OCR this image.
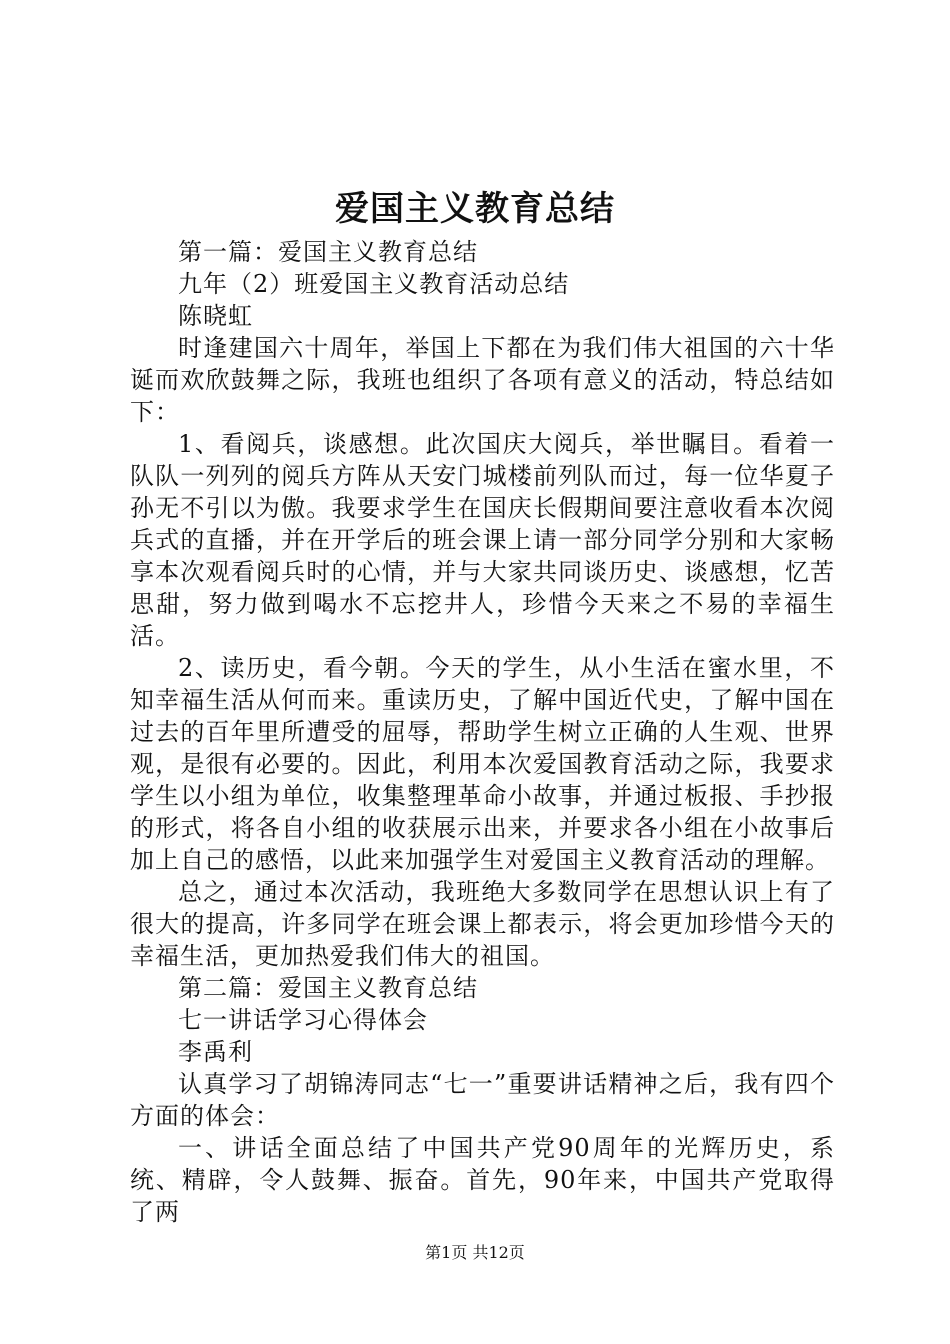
爱国主义教育总结

第一篇：爱国主义教育总结

九年（2）班爱国主义教育活动总结

陈晓虹

时逢建国六十周年，举国上下都在为我们伟大祖国的六十华诞而欢欣鼓舞之际，我班也组织了各项有意义的活动，特总结如下：

1、看阅兵，谈感想。此次国庆大阅兵，举世瞩目。看着一队队一列列的阅兵方阵从天安门城楼前列队而过，每一位华夏子孙无不引以为傲。我要求学生在国庆长假期间要注意收看本次阅兵式的直播，并在开学后的班会课上请一部分同学分别和大家畅享本次观看阅兵时的心情，并与大家共同谈历史、谈感想，忆苦思甜，努力做到喝水不忘挖井人，珍惜今天来之不易的幸福生活。

2、读历史，看今朝。今天的学生，从小生活在蜜水里，不知幸福生活从何而来。重读历史，了解中国近代史，了解中国在过去的百年里所遭受的屈辱，帮助学生树立正确的人生观、世界观，是很有必要的。因此，利用本次爱国教育活动之际，我要求学生以小组为单位，收集整理革命小故事，并通过板报、手抄报的形式，将各自小组的收获展示出来，并要求各小组在小故事后加上自己的感悟，以此来加强学生对爱国主义教育活动的理解。

总之，通过本次活动，我班绝大多数同学在思想认识上有了很大的提高，许多同学在班会课上都表示，将会更加珍惜今天的幸福生活，更加热爱我们伟大的祖国。

第二篇：爱国主义教育总结

七一讲话学习心得体会

李禹利

认真学习了胡锦涛同志“七一”重要讲话精神之后，我有四个方面的体会：

一、讲话全面总结了中国共产党90周年的光辉历史，系统、精辟，令人鼓舞、振奋。首先，90年来，中国共产党取得了两

第1页 共12页
